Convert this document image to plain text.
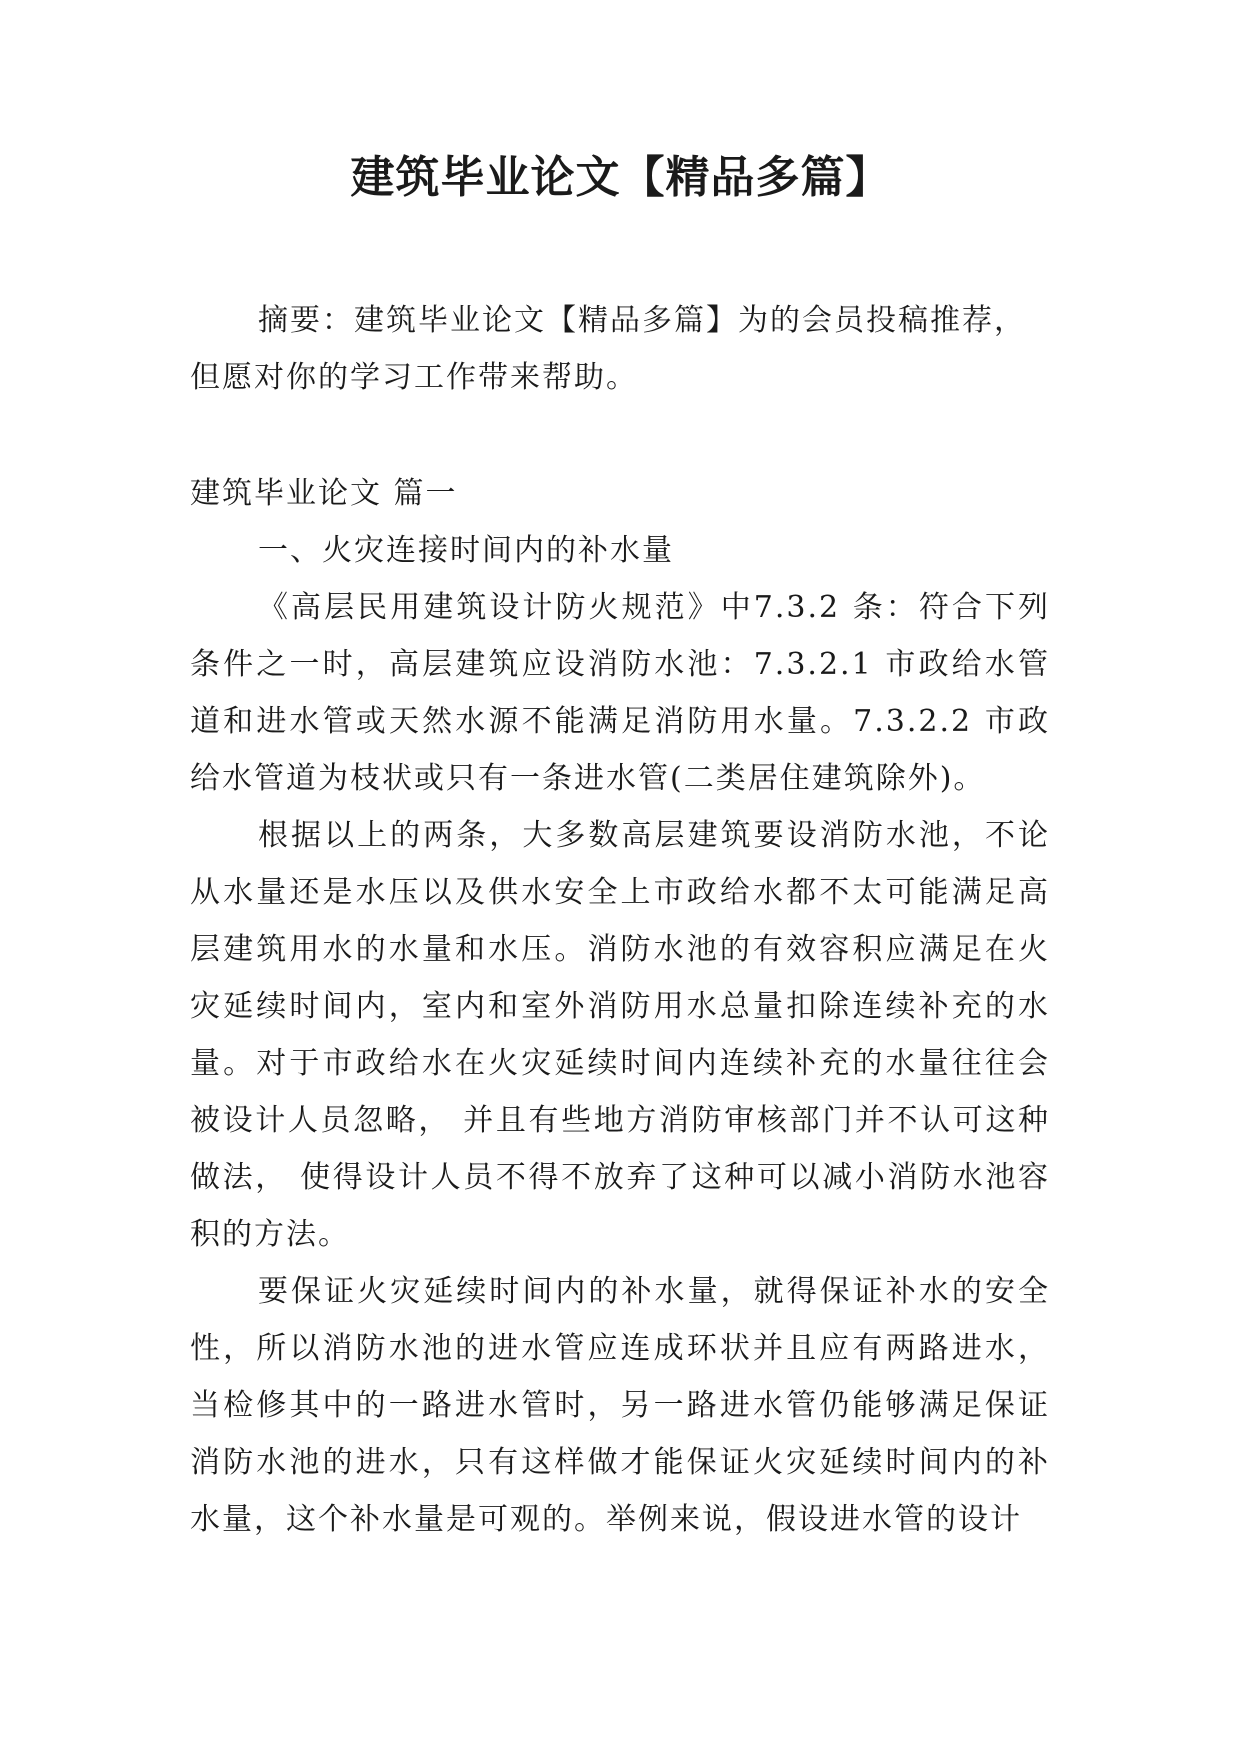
建筑毕业论文【精品多篇】

摘要：建筑毕业论文【精品多篇】为的会员投稿推荐，但愿对你的学习工作带来帮助。

建筑毕业论文 篇一

一、火灾连接时间内的补水量

《高层民用建筑设计防火规范》中7.3.2 条：符合下列条件之一时，高层建筑应设消防水池：7.3.2.1 市政给水管道和进水管或天然水源不能满足消防用水量。7.3.2.2 市政给水管道为枝状或只有一条进水管(二类居住建筑除外)。

根据以上的两条，大多数高层建筑要设消防水池，不论从水量还是水压以及供水安全上市政给水都不太可能满足高层建筑用水的水量和水压。消防水池的有效容积应满足在火灾延续时间内，室内和室外消防用水总量扣除连续补充的水量。对于市政给水在火灾延续时间内连续补充的水量往往会被设计人员忽略， 并且有些地方消防审核部门并不认可这种做法， 使得设计人员不得不放弃了这种可以减小消防水池容积的方法。

要保证火灾延续时间内的补水量，就得保证补水的安全性，所以消防水池的进水管应连成环状并且应有两路进水，当检修其中的一路进水管时，另一路进水管仍能够满足保证消防水池的进水，只有这样做才能保证火灾延续时间内的补水量，这个补水量是可观的。举例来说，假设进水管的设计
